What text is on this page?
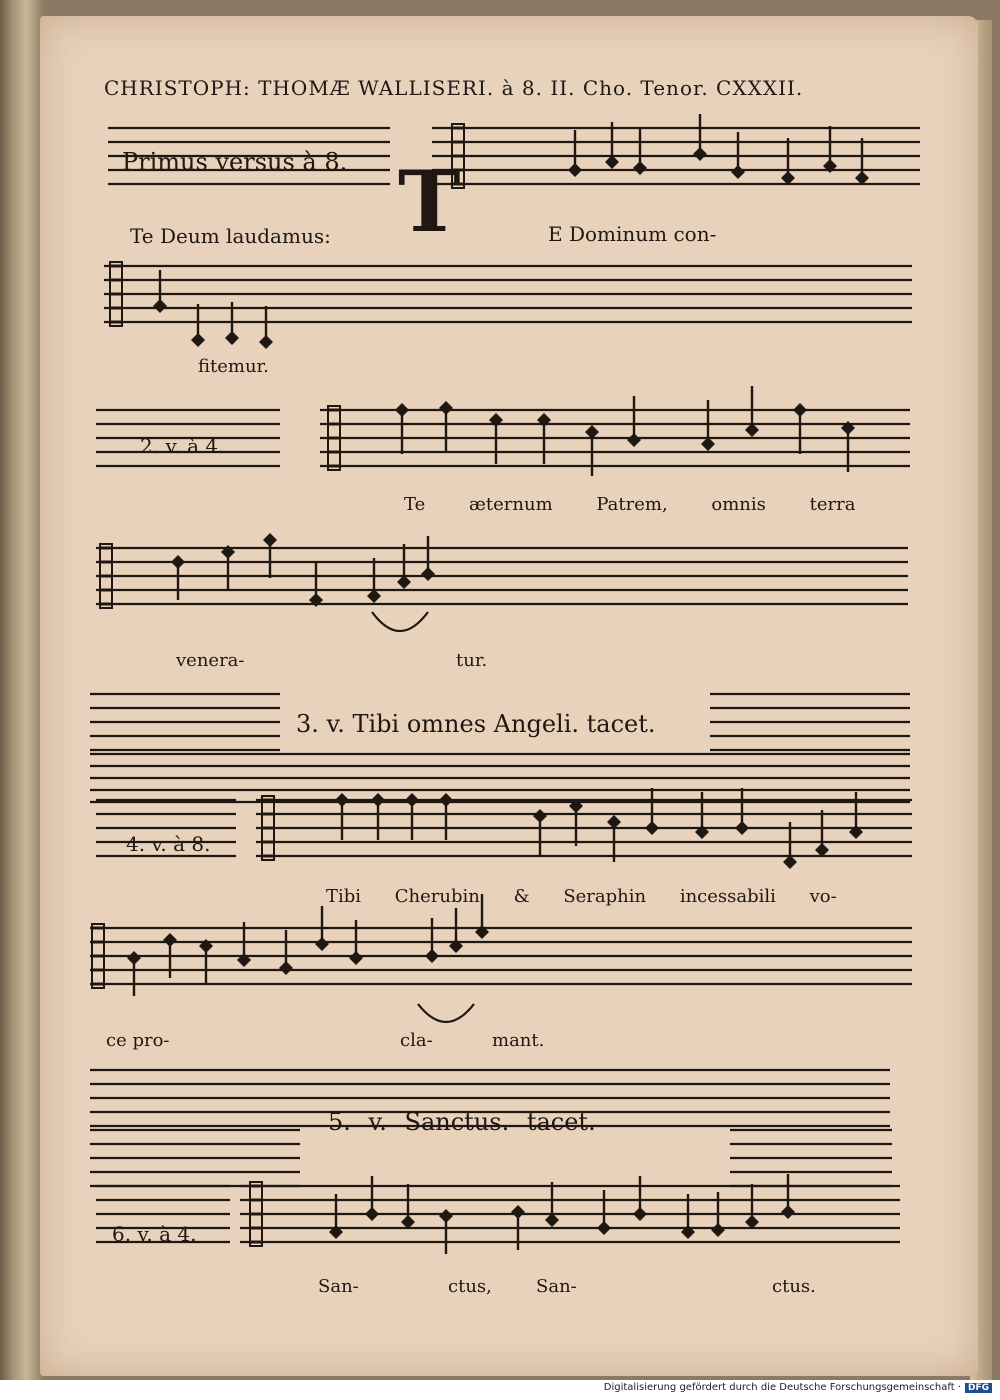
CHRISTOPH: THOMÆ WALLISERI. à 8. II. Cho. Tenor. CXXXII.
Primus versus à 8.
Te Deum laudamus: T	E Dominum con-
fitemur.
2. v. à 4.
Te æternum Patrem, omnis terra
venera-	tur.
3. v. Tibi omnes Angeli. tacet.
4. v. à 8.
Tibi Cherubin & Seraphin incessabili vo-
ce pro-	cla-	mant.
5. v. Sanctus. tacet.
6. v. à 4.
San-	ctus, San-	ctus.
Digitalisierung gefördert durch die Deutsche Forschungsgemeinschaft · DFG
